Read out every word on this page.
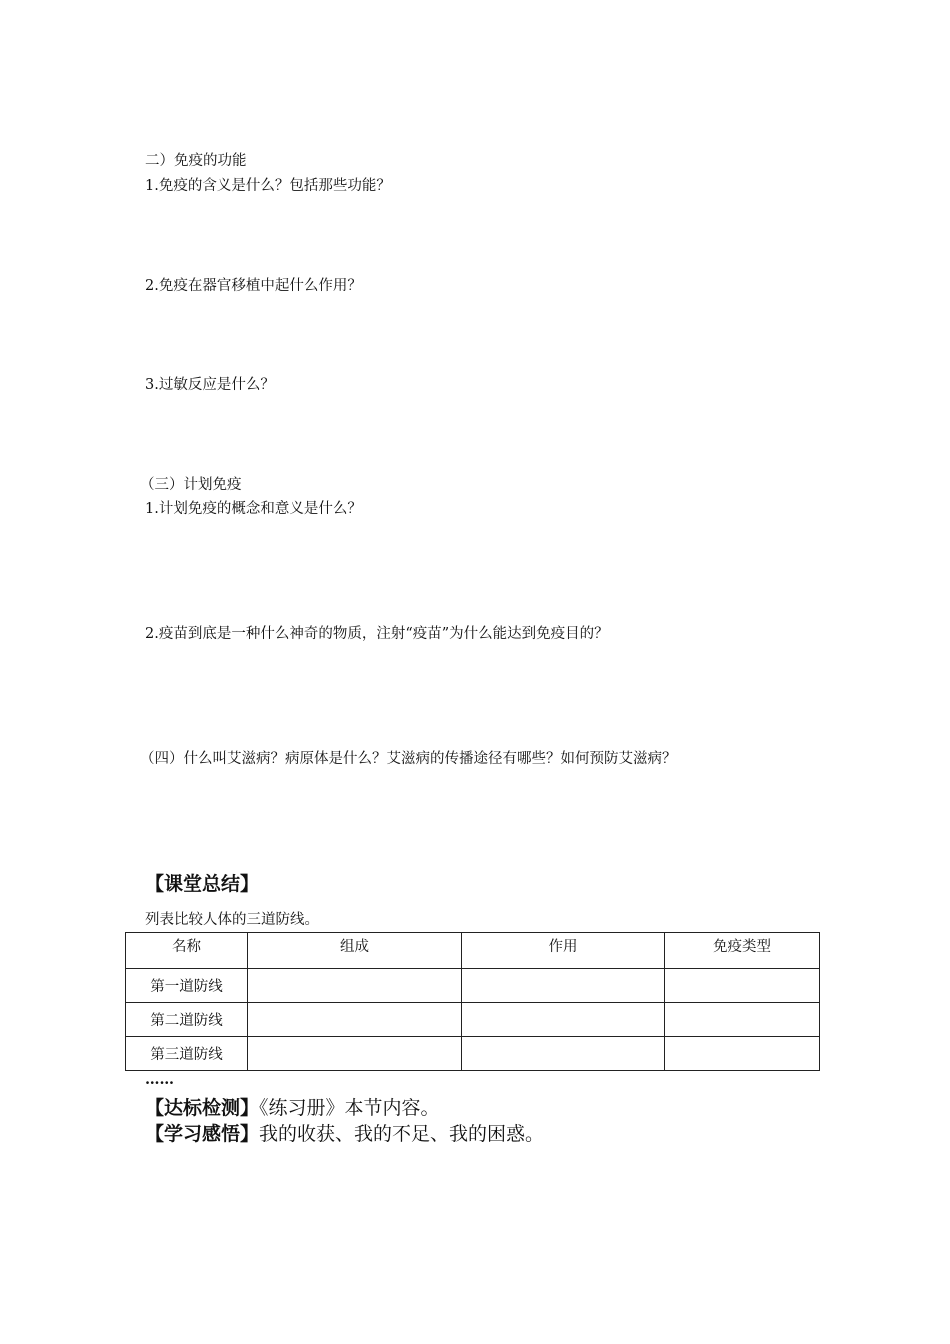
二）免疫的功能
1.免疫的含义是什么？包括那些功能？
2.免疫在器官移植中起什么作用？
3.过敏反应是什么？
（三）计划免疫
1.计划免疫的概念和意义是什么？
2.疫苗到底是一种什么神奇的物质，注射“疫苗”为什么能达到免疫目的？
（四）什么叫艾滋病？病原体是什么？艾滋病的传播途径有哪些？如何预防艾滋病？
【课堂总结】
列表比较人体的三道防线。
名称	组成	作用	免疫类型
第一道防线			
第二道防线			
第三道防线			
……
【达标检测】《练习册》本节内容。
【学习感悟】我的收获、我的不足、我的困惑。
